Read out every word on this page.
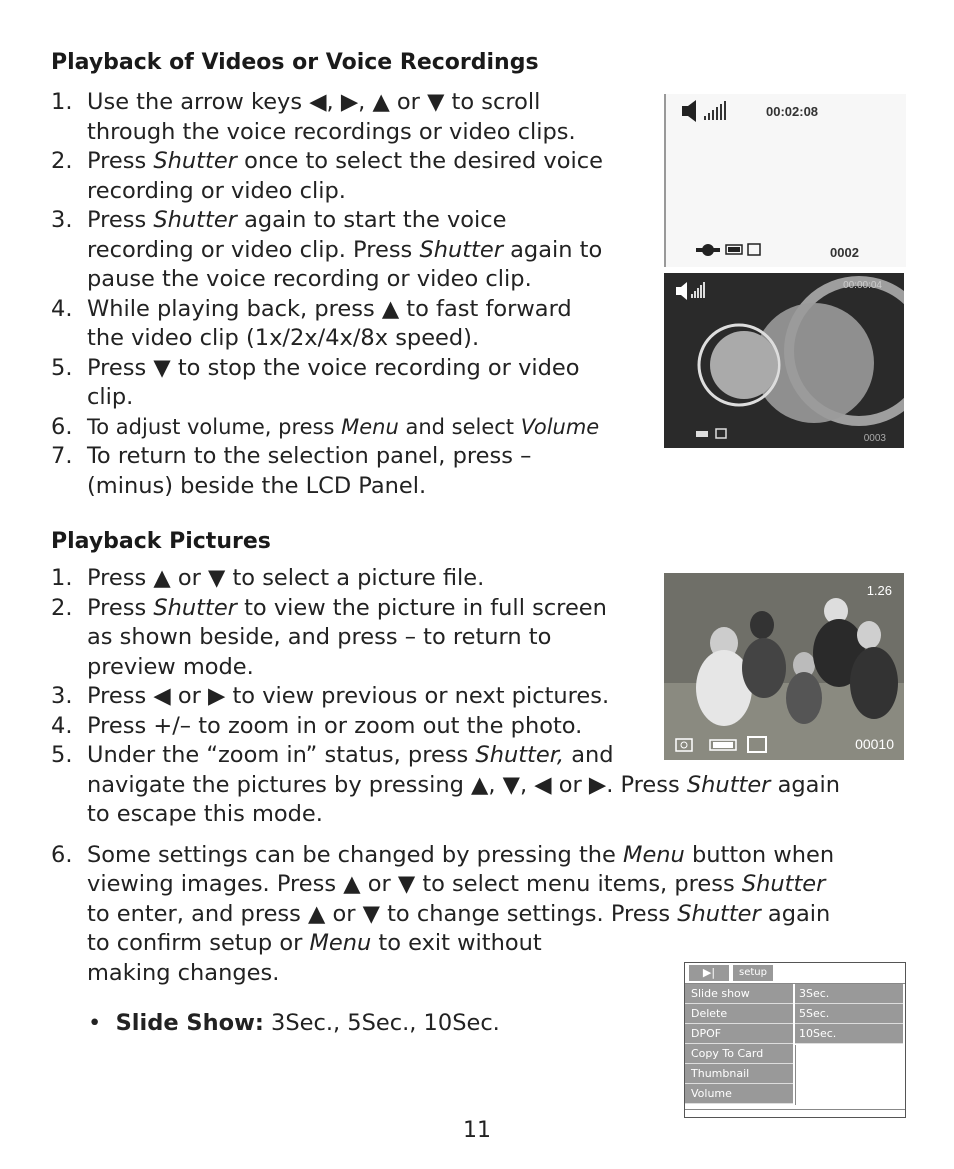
Playback of Videos or Voice Recordings
1. Use the arrow keys ◀, ▶, ▲ or ▼ to scroll
through the voice recordings or video clips.
2. Press Shutter once to select the desired voice
recording or video clip.
3. Press Shutter again to start the voice
recording or video clip. Press Shutter again to
pause the voice recording or video clip.
4. While playing back, press ▲ to fast forward
the video clip (1x/2x/4x/8x speed).
5. Press ▼ to stop the voice recording or video
clip.
6. To adjust volume, press Menu and select Volume
7. To return to the selection panel, press –
(minus) beside the LCD Panel.
Playback Pictures
1. Press ▲ or ▼ to select a picture file.
2. Press Shutter to view the picture in full screen
as shown beside, and press – to return to
preview mode.
3. Press ◀ or ▶ to view previous or next pictures.
4. Press +/– to zoom in or zoom out the photo.
5. Under the “zoom in” status, press Shutter, and
navigate the pictures by pressing ▲, ▼, ◀ or ▶. Press Shutter again
to escape this mode.
6. Some settings can be changed by pressing the Menu button when
viewing images. Press ▲ or ▼ to select menu items, press Shutter
to enter, and press ▲ or ▼ to change settings. Press Shutter again
to confirm setup or Menu to exit without
making changes.
•  Slide Show: 3Sec., 5Sec., 10Sec.
00:02:08
0002
00:00:04
0003
1.26
00010
▶|	setup
Slide show
Delete
DPOF
Copy To Card
Thumbnail
Volume
3Sec.
5Sec.
10Sec.
11
